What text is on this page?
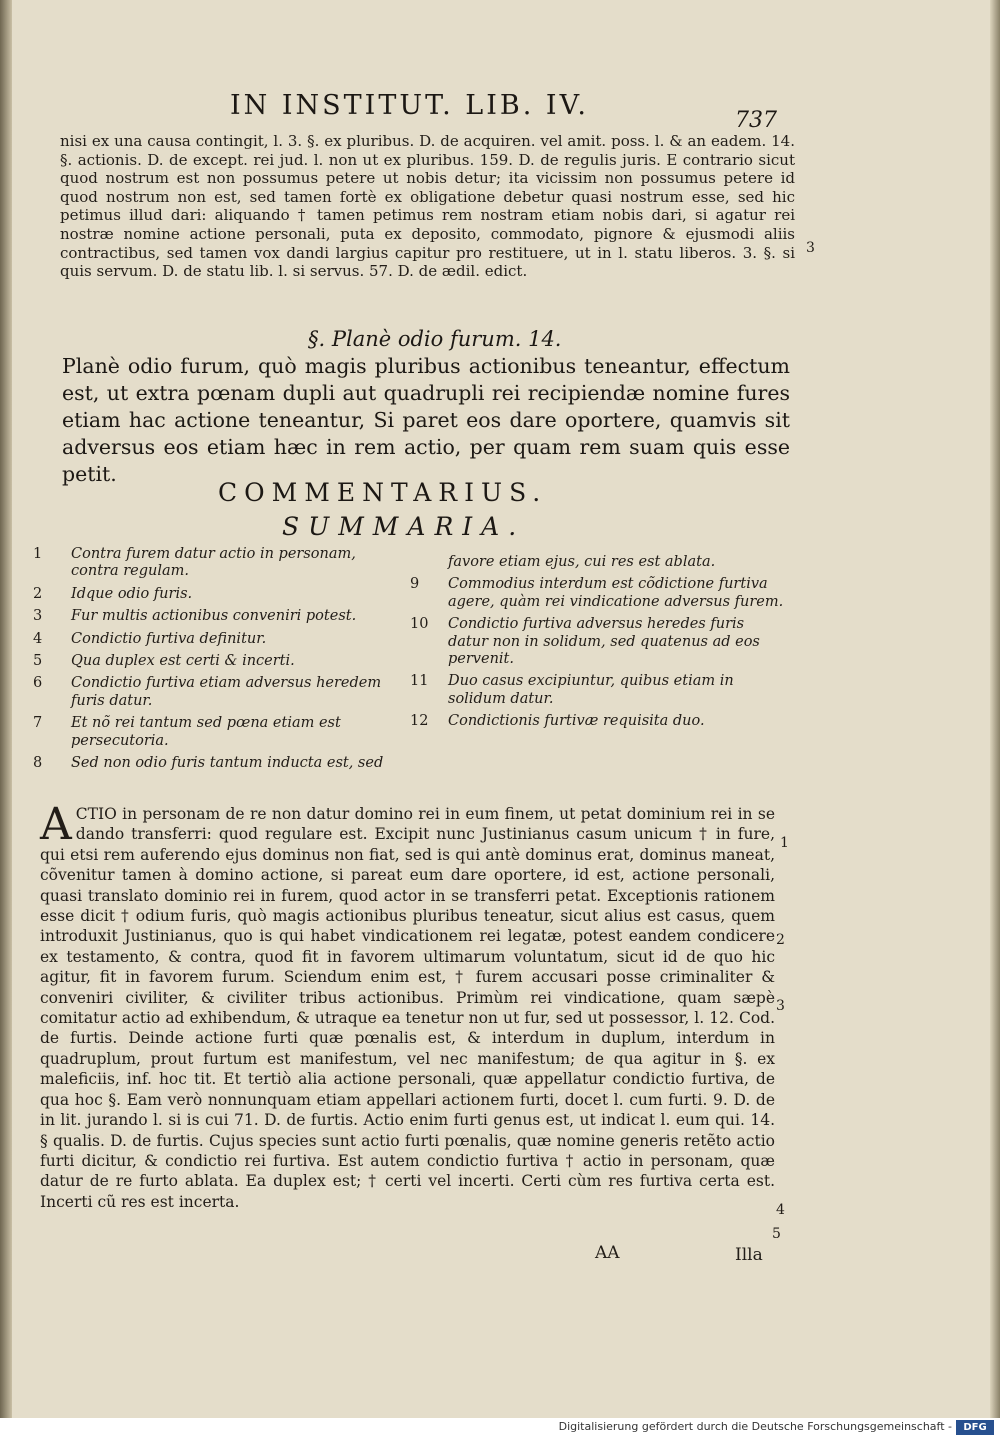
IN INSTITUT. LIB. IV.	737
nisi ex una causa contingit, l. 3. §. ex pluribus. D. de acquiren. vel amit. poss. l. & an eadem. 14. §. actionis. D. de except. rei jud. l. non ut ex pluribus. 159. D. de regulis juris. E contrario sicut quod nostrum est non possumus petere ut nobis detur; ita vicissim non possumus petere id quod nostrum non est, sed tamen fortè ex obligatione debetur quasi nostrum esse, sed hic petimus illud dari: aliquando † tamen petimus rem nostram etiam nobis dari, si agatur rei nostræ nomine actione personali, puta ex deposito, commodato, pignore & ejusmodi aliis contractibus, sed tamen vox dandi largius capitur pro restituere, ut in l. statu liberos. 3. §. si quis servum. D. de statu lib. l. si servus. 57. D. de ædil. edict.
3
§. Planè odio furum. 14.
Planè odio furum, quò magis pluribus actionibus teneantur, effectum est, ut extra pœnam dupli aut quadrupli rei recipiendæ nomine fures etiam hac actione teneantur, Si paret eos dare oportere, quamvis sit adversus eos etiam hæc in rem actio, per quam rem suam quis esse petit.
COMMENTARIUS.
SUMMARIA.
1 Contra furem datur actio in personam, contra regulam.
2 Idque odio furis.
3 Fur multis actionibus conveniri potest.
4 Condictio furtiva definitur.
5 Qua duplex est certi & incerti.
6 Condictio furtiva etiam adversus heredem furis datur.
7 Et nõ rei tantum sed pœna etiam est persecutoria.
8 Sed non odio furis tantum inducta est, sed
favore etiam ejus, cui res est ablata.
9 Commodius interdum est cõdictione furtiva agere, quàm rei vindicatione adversus furem.
10 Condictio furtiva adversus heredes furis datur non in solidum, sed quatenus ad eos pervenit.
11 Duo casus excipiuntur, quibus etiam in solidum datur.
12 Condictionis furtivæ requisita duo.
ACTIO in personam de re non datur domino rei in eum finem, ut petat dominium rei in se dando transferri: quod regulare est. Excipit nunc Justinianus casum unicum † in fure, qui etsi rem auferendo ejus dominus non fiat, sed is qui antè dominus erat, dominus maneat, cõvenitur tamen à domino actione, si pareat eum dare oportere, id est, actione personali, quasi translato dominio rei in furem, quod actor in se transferri petat. Exceptionis rationem esse dicit † odium furis, quò magis actionibus pluribus teneatur, sicut alius est casus, quem introduxit Justinianus, quo is qui habet vindicationem rei legatæ, potest eandem condicere ex testamento, & contra, quod fit in favorem ultimarum voluntatum, sicut id de quo hic agitur, fit in favorem furum. Sciendum enim est, † furem accusari posse criminaliter & conveniri civiliter, & civiliter tribus actionibus. Primùm rei vindicatione, quam sæpè comitatur actio ad exhibendum, & utraque ea tenetur non ut fur, sed ut possessor, l. 12. Cod. de furtis. Deinde actione furti quæ pœnalis est, & interdum in duplum, interdum in quadruplum, prout furtum est manifestum, vel nec manifestum; de qua agitur in §. ex maleficiis, inf. hoc tit. Et tertiò alia actione personali, quæ appellatur condictio furtiva, de qua hoc §. Eam verò nonnunquam etiam appellari actionem furti, docet l. cum furti. 9. D. de in lit. jurando l. si is cui 71. D. de furtis. Actio enim furti genus est, ut indicat l. eum qui. 14. § qualis. D. de furtis. Cujus species sunt actio furti pœnalis, quæ nomine generis retẽto actio furti dicitur, & condictio rei furtiva. Est autem condictio furtiva † actio in personam, quæ datur de re furto ablata. Ea duplex est; † certi vel incerti. Certi cùm res furtiva certa est. Incerti cũ res est incerta.
1
2
3
4
5
AA	Illa
Digitalisierung gefördert durch die Deutsche Forschungsgemeinschaft -	DFG
